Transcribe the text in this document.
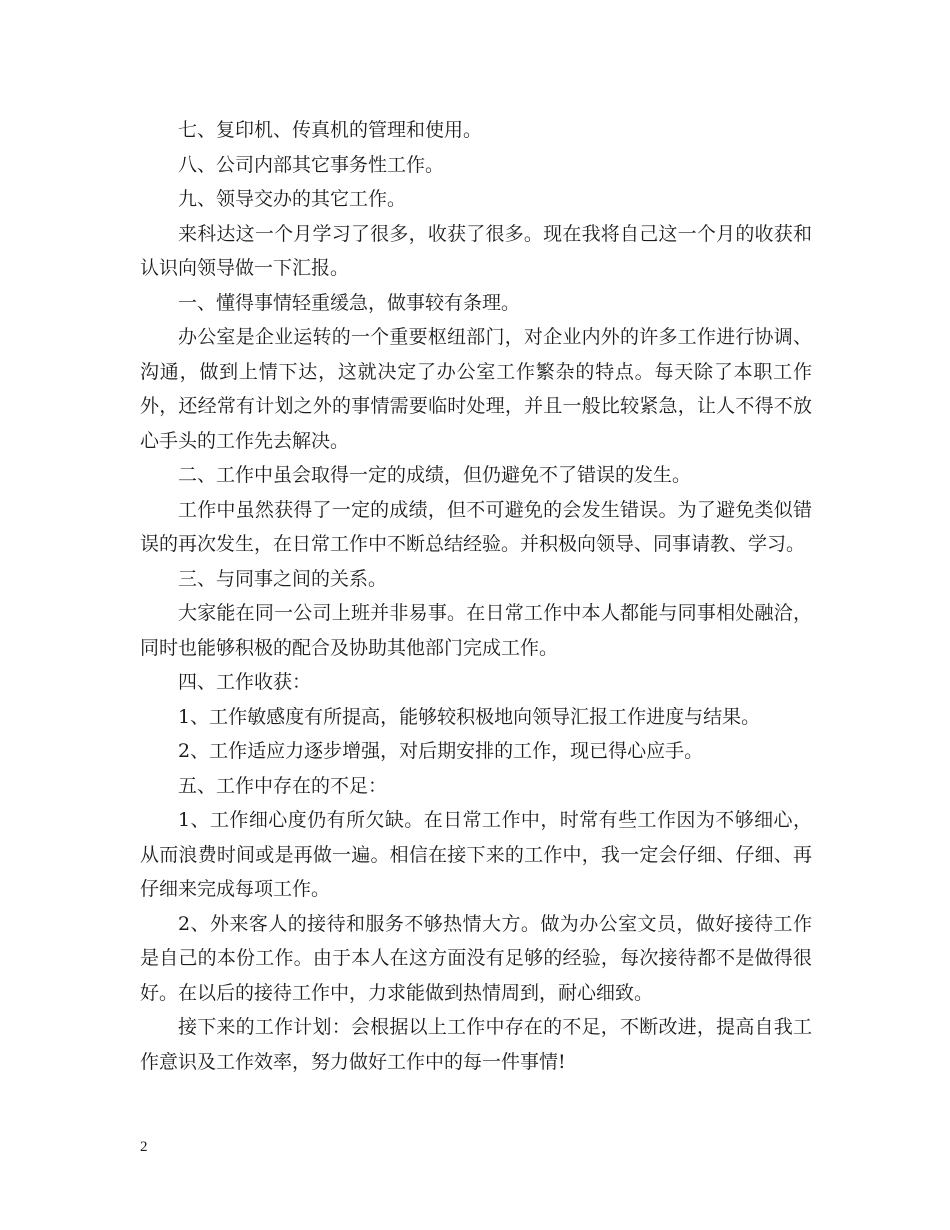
七、复印机、传真机的管理和使用。

八、公司内部其它事务性工作。

九、领导交办的其它工作。

来科达这一个月学习了很多，收获了很多。现在我将自己这一个月的收获和认识向领导做一下汇报。

一、懂得事情轻重缓急，做事较有条理。

办公室是企业运转的一个重要枢纽部门，对企业内外的许多工作进行协调、沟通，做到上情下达，这就决定了办公室工作繁杂的特点。每天除了本职工作外，还经常有计划之外的事情需要临时处理，并且一般比较紧急，让人不得不放心手头的工作先去解决。

二、工作中虽会取得一定的成绩，但仍避免不了错误的发生。

工作中虽然获得了一定的成绩，但不可避免的会发生错误。为了避免类似错误的再次发生，在日常工作中不断总结经验。并积极向领导、同事请教、学习。

三、与同事之间的关系。

大家能在同一公司上班并非易事。在日常工作中本人都能与同事相处融洽，同时也能够积极的配合及协助其他部门完成工作。

四、工作收获：

1、工作敏感度有所提高，能够较积极地向领导汇报工作进度与结果。

2、工作适应力逐步增强，对后期安排的工作，现已得心应手。

五、工作中存在的不足：

1、工作细心度仍有所欠缺。在日常工作中，时常有些工作因为不够细心，从而浪费时间或是再做一遍。相信在接下来的工作中，我一定会仔细、仔细、再仔细来完成每项工作。

2、外来客人的接待和服务不够热情大方。做为办公室文员，做好接待工作是自己的本份工作。由于本人在这方面没有足够的经验，每次接待都不是做得很好。在以后的接待工作中，力求能做到热情周到，耐心细致。

接下来的工作计划：会根据以上工作中存在的不足，不断改进，提高自我工作意识及工作效率，努力做好工作中的每一件事情!

2
